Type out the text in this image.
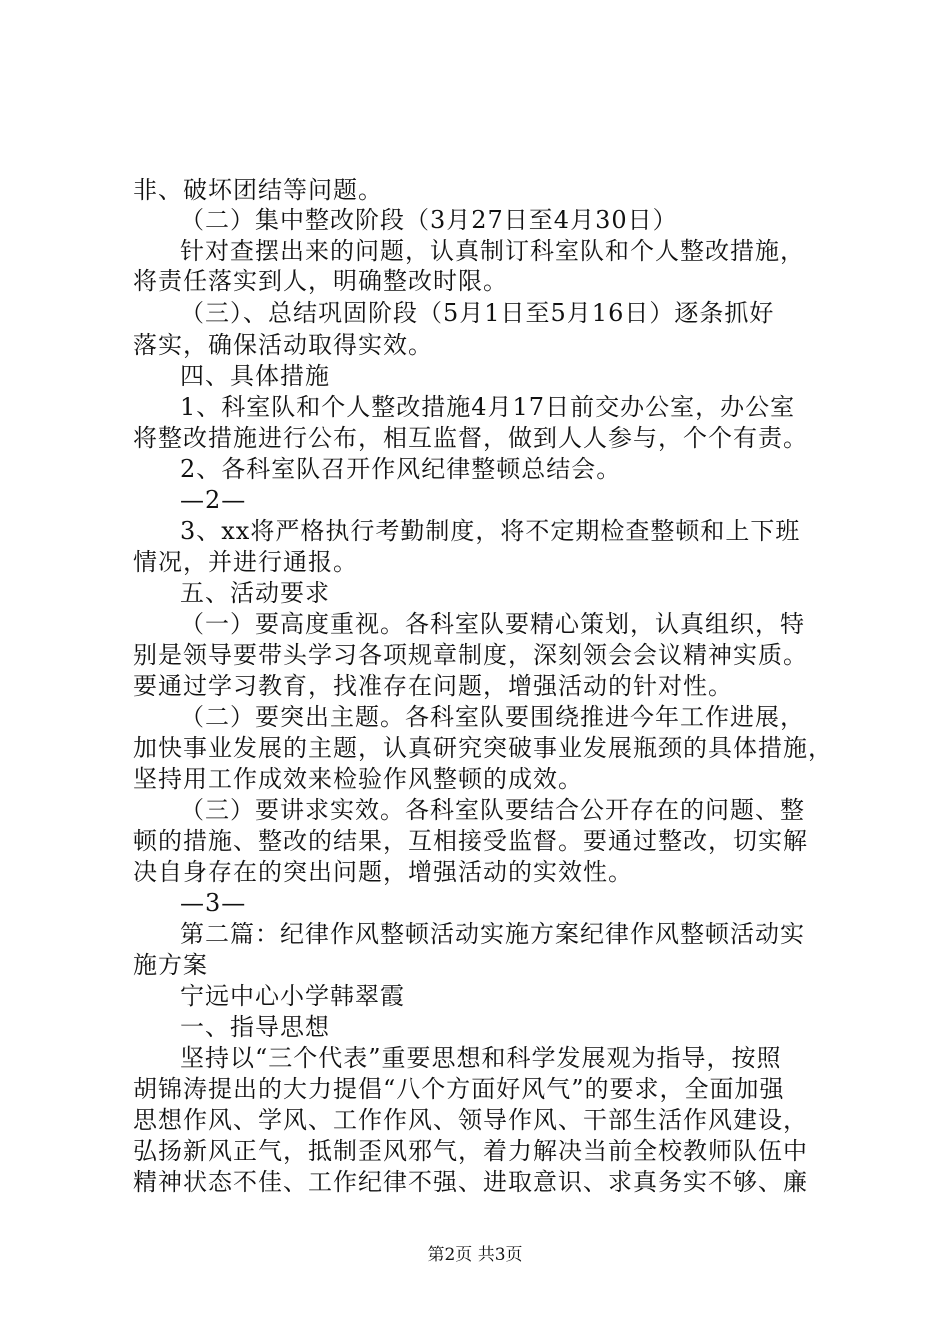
非、破坏团结等问题。
（二）集中整改阶段（3月27日至4月30日）
针对查摆出来的问题，认真制订科室队和个人整改措施，
将责任落实到人，明确整改时限。
（三）、总结巩固阶段（5月1日至5月16日）逐条抓好
落实，确保活动取得实效。
四、具体措施
1、科室队和个人整改措施4月17日前交办公室，办公室
将整改措施进行公布，相互监督，做到人人参与，个个有责。
2、各科室队召开作风纪律整顿总结会。
—2—
3、xx将严格执行考勤制度，将不定期检查整顿和上下班
情况，并进行通报。
五、活动要求
（一）要高度重视。各科室队要精心策划，认真组织，特
别是领导要带头学习各项规章制度，深刻领会会议精神实质。
要通过学习教育，找准存在问题，增强活动的针对性。
（二）要突出主题。各科室队要围绕推进今年工作进展，
加快事业发展的主题，认真研究突破事业发展瓶颈的具体措施，
坚持用工作成效来检验作风整顿的成效。
（三）要讲求实效。各科室队要结合公开存在的问题、整
顿的措施、整改的结果，互相接受监督。要通过整改，切实解
决自身存在的突出问题，增强活动的实效性。
—3—
第二篇：纪律作风整顿活动实施方案纪律作风整顿活动实
施方案
宁远中心小学韩翠霞
一、指导思想
坚持以“三个代表”重要思想和科学发展观为指导，按照
胡锦涛提出的大力提倡“八个方面好风气”的要求，全面加强
思想作风、学风、工作作风、领导作风、干部生活作风建设，
弘扬新风正气，抵制歪风邪气，着力解决当前全校教师队伍中
精神状态不佳、工作纪律不强、进取意识、求真务实不够、廉
第2页 共3页
